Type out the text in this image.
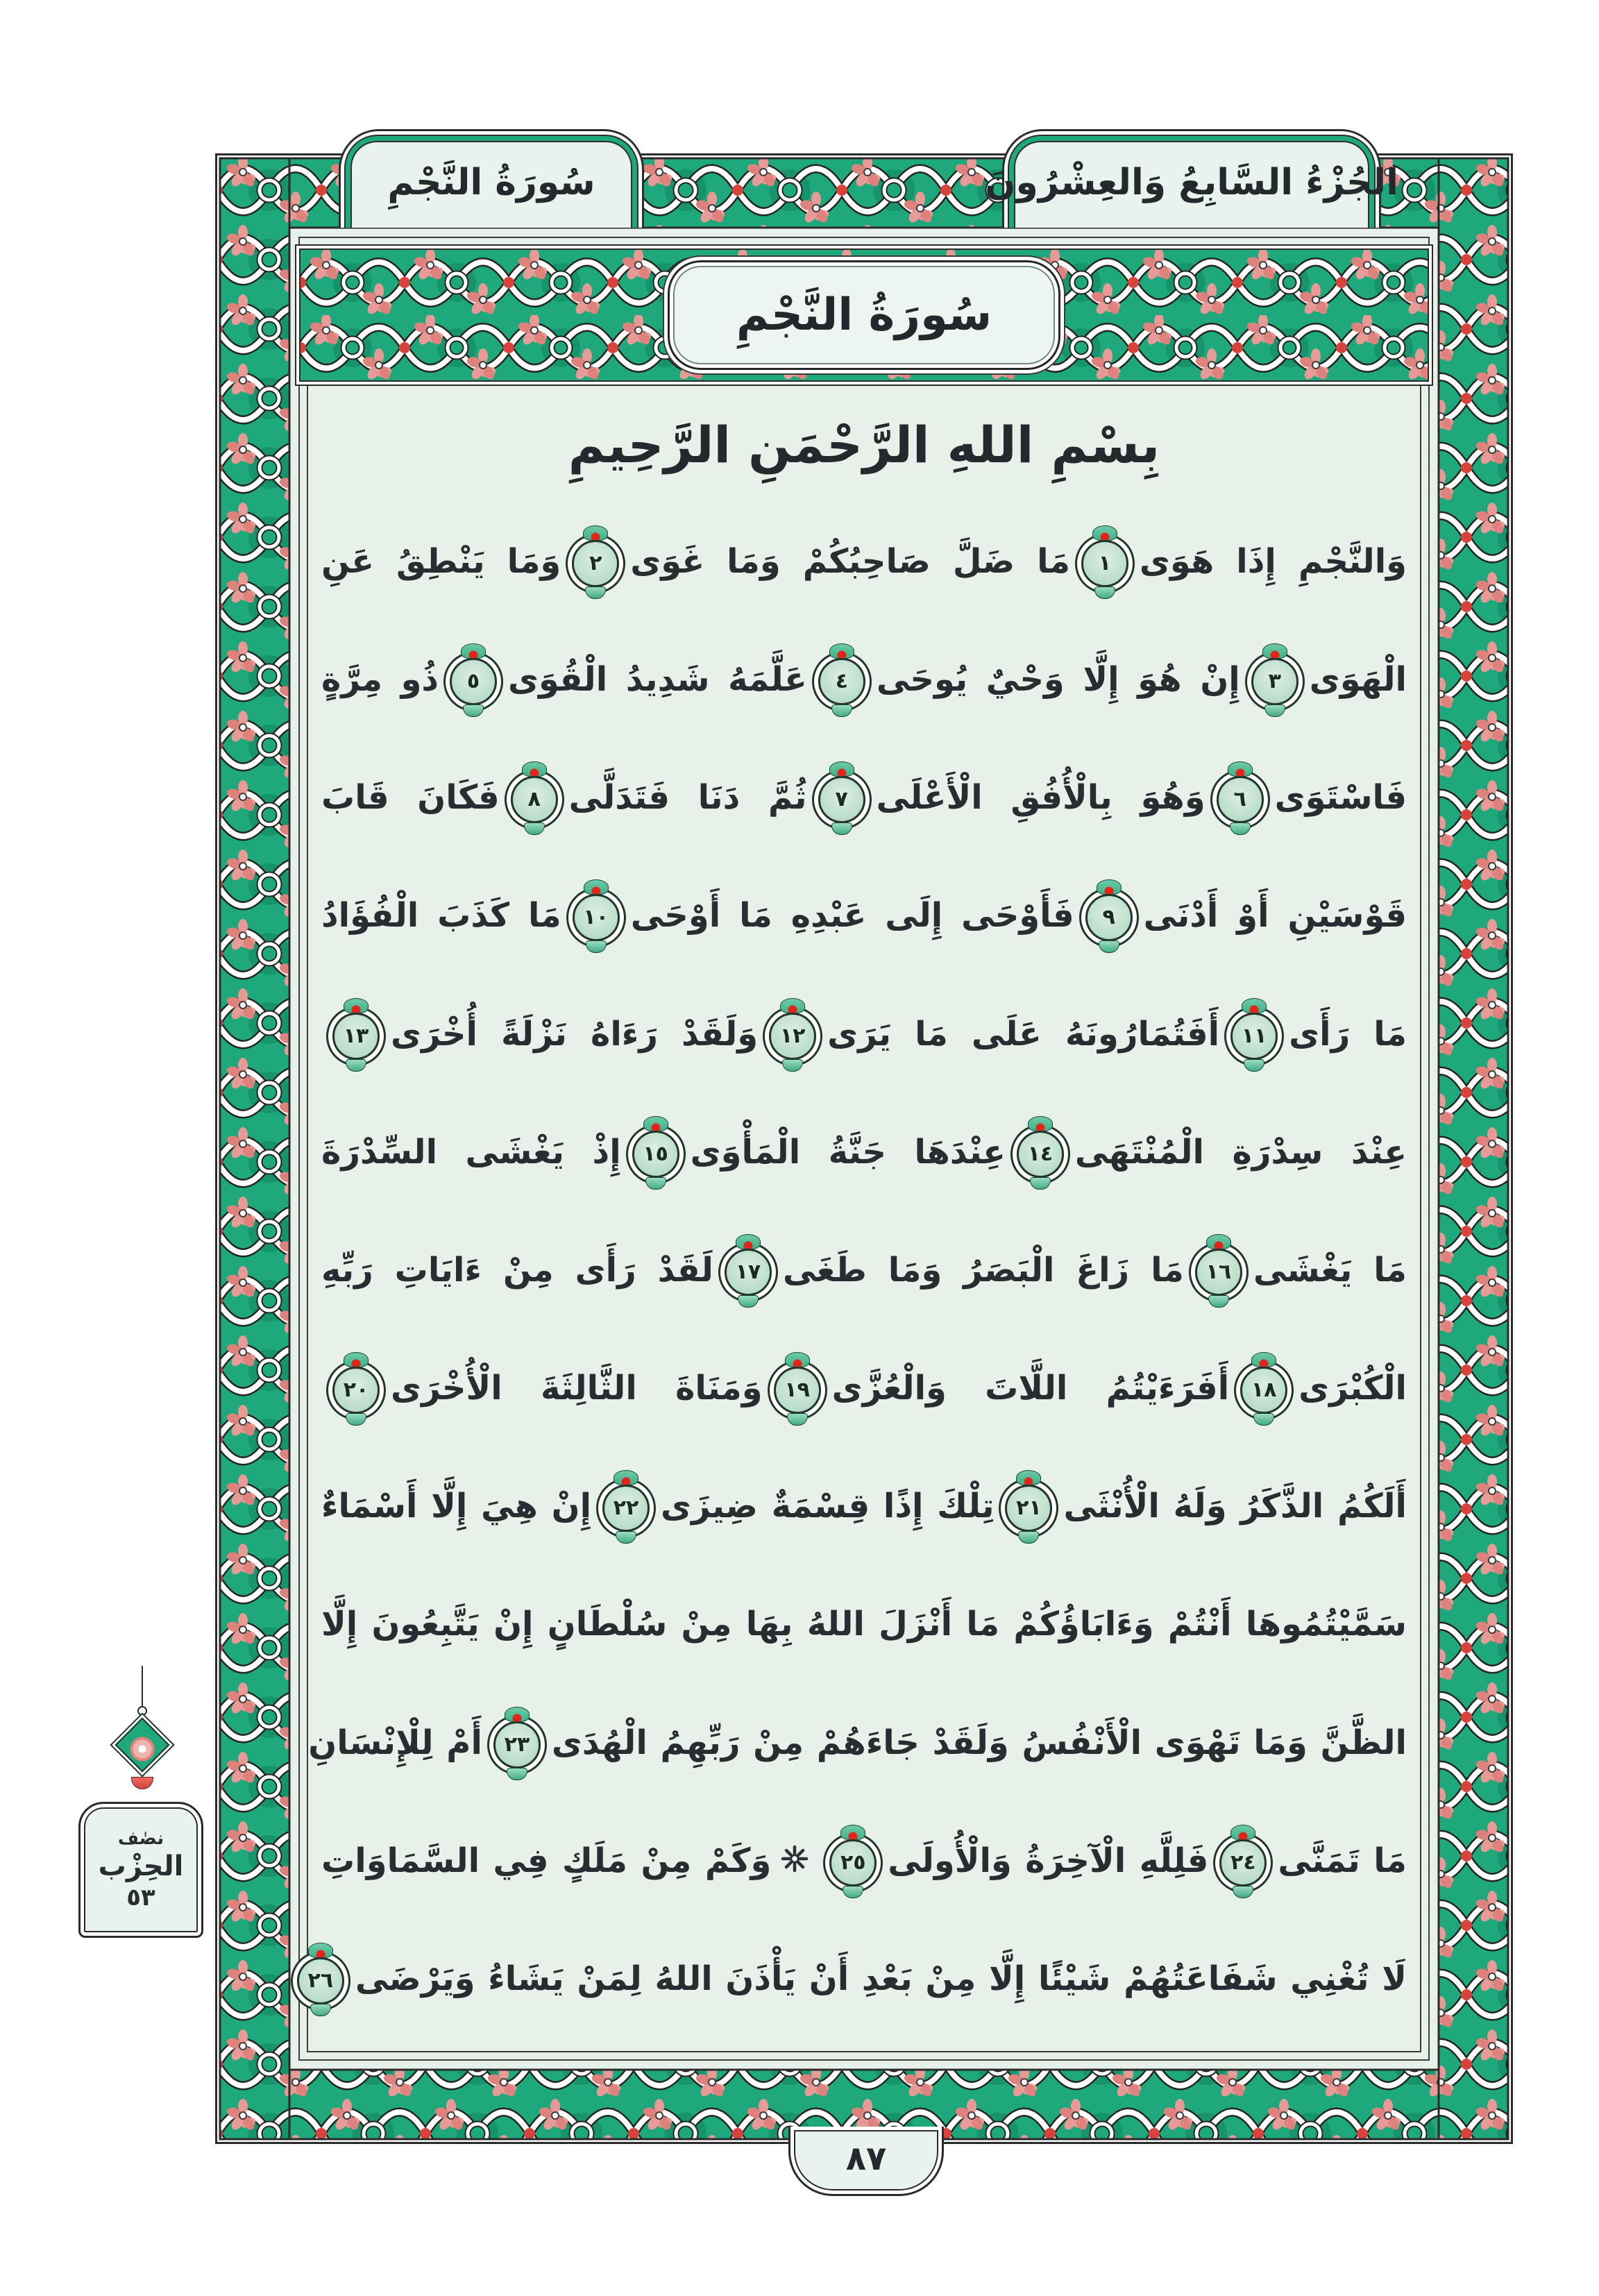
سُورَةُ النَّجْمِ	الجُزْءُ السَّابِعُ وَالعِشْرُونَ
سُورَةُ النَّجْمِ
بِسْمِ اللهِ الرَّحْمَنِ الرَّحِيمِ
وَالنَّجْمِ إِذَا هَوَى
١
مَا ضَلَّ صَاحِبُكُمْ وَمَا غَوَى
٢
وَمَا يَنْطِقُ عَنِ
الْهَوَى
٣
إِنْ هُوَ إِلَّا وَحْيٌ يُوحَى
٤
عَلَّمَهُ شَدِيدُ الْقُوَى
٥
ذُو مِرَّةٍ
فَاسْتَوَى
٦
وَهُوَ بِالْأُفُقِ الْأَعْلَى
٧
ثُمَّ دَنَا فَتَدَلَّى
٨
فَكَانَ قَابَ
قَوْسَيْنِ أَوْ أَدْنَى
٩
فَأَوْحَى إِلَى عَبْدِهِ مَا أَوْحَى
١٠
مَا كَذَبَ الْفُؤَادُ
مَا رَأَى
١١
أَفَتُمَارُونَهُ عَلَى مَا يَرَى
١٢
وَلَقَدْ رَءَاهُ نَزْلَةً أُخْرَى
١٣
عِنْدَ سِدْرَةِ الْمُنْتَهَى
١٤
عِنْدَهَا جَنَّةُ الْمَأْوَى
١٥
إِذْ يَغْشَى السِّدْرَةَ
مَا يَغْشَى
١٦
مَا زَاغَ الْبَصَرُ وَمَا طَغَى
١٧
لَقَدْ رَأَى مِنْ ءَايَاتِ رَبِّهِ
الْكُبْرَى
١٨
أَفَرَءَيْتُمُ اللَّاتَ وَالْعُزَّى
١٩
وَمَنَاةَ الثَّالِثَةَ الْأُخْرَى
٢٠
أَلَكُمُ الذَّكَرُ وَلَهُ الْأُنْثَى
٢١
تِلْكَ إِذًا قِسْمَةٌ ضِيزَى
٢٢
إِنْ هِيَ إِلَّا أَسْمَاءٌ
سَمَّيْتُمُوهَا أَنْتُمْ وَءَابَاؤُكُمْ مَا أَنْزَلَ اللهُ بِهَا مِنْ سُلْطَانٍ إِنْ يَتَّبِعُونَ إِلَّا
الظَّنَّ وَمَا تَهْوَى الْأَنْفُسُ وَلَقَدْ جَاءَهُمْ مِنْ رَبِّهِمُ الْهُدَى
٢٣
أَمْ لِلْإِنْسَانِ
مَا تَمَنَّى
٢٤
فَلِلَّهِ الْآخِرَةُ وَالْأُولَى
٢٥
وَكَمْ مِنْ مَلَكٍ فِي السَّمَاوَاتِ
لَا تُغْنِي شَفَاعَتُهُمْ شَيْئًا إِلَّا مِنْ بَعْدِ أَنْ يَأْذَنَ اللهُ لِمَنْ يَشَاءُ وَيَرْضَى
٢٦
نصٰف
الحِزْب
٥٣
٨٧
